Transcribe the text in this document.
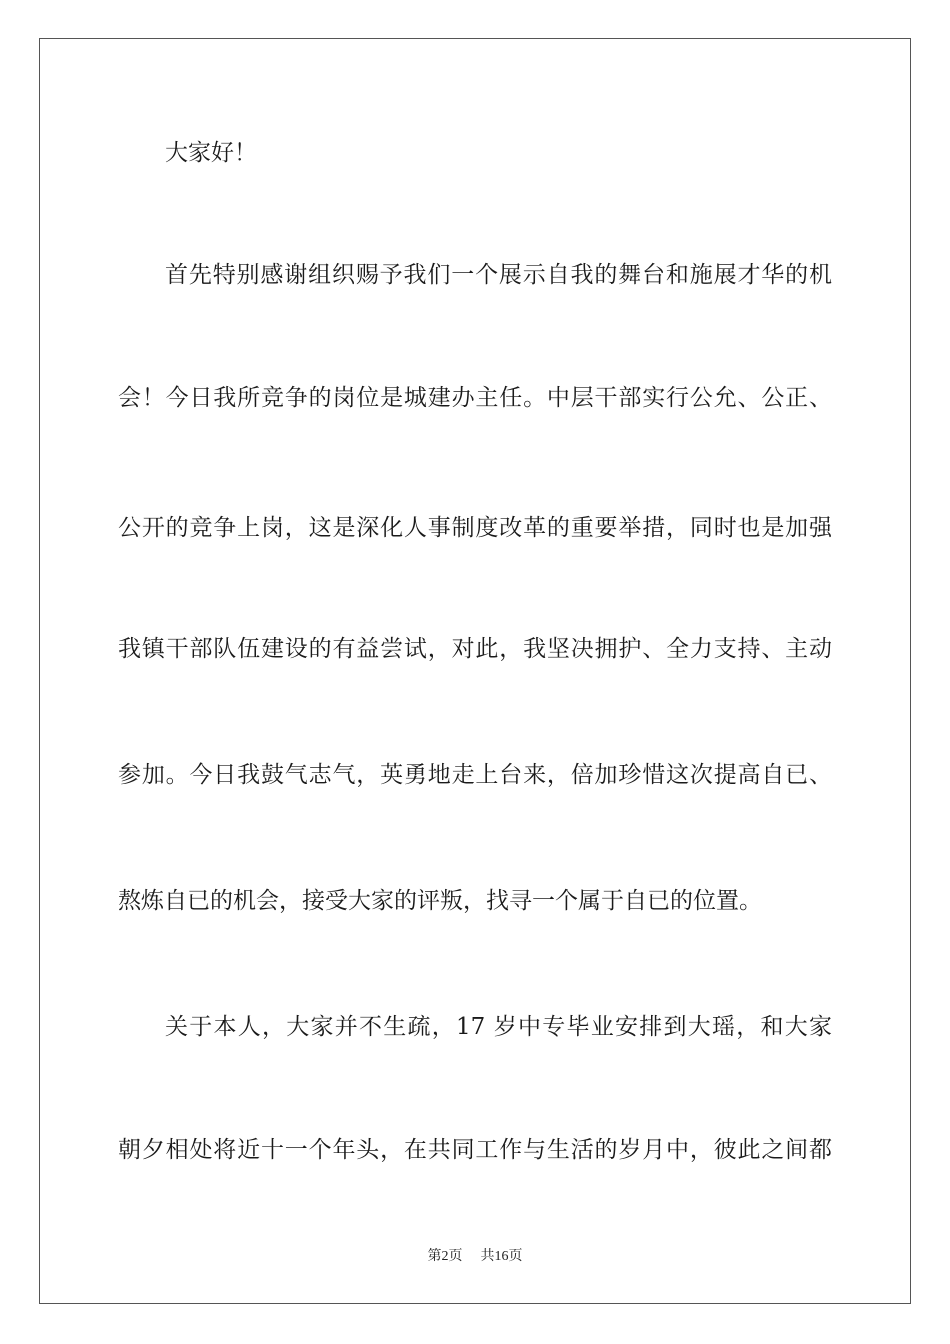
大家好！
首先特别感谢组织赐予我们一个展示自我的舞台和施展才华的机
会！今日我所竞争的岗位是城建办主任。中层干部实行公允、公正、
公开的竞争上岗，这是深化人事制度改革的重要举措，同时也是加强
我镇干部队伍建设的有益尝试，对此，我坚决拥护、全力支持、主动
参加。今日我鼓气志气，英勇地走上台来，倍加珍惜这次提高自已、
熬炼自已的机会，接受大家的评叛，找寻一个属于自已的位置。
关于本人，大家并不生疏，17 岁中专毕业安排到大瑶，和大家
朝夕相处将近十一个年头，在共同工作与生活的岁月中，彼此之间都
第2页 共16页
